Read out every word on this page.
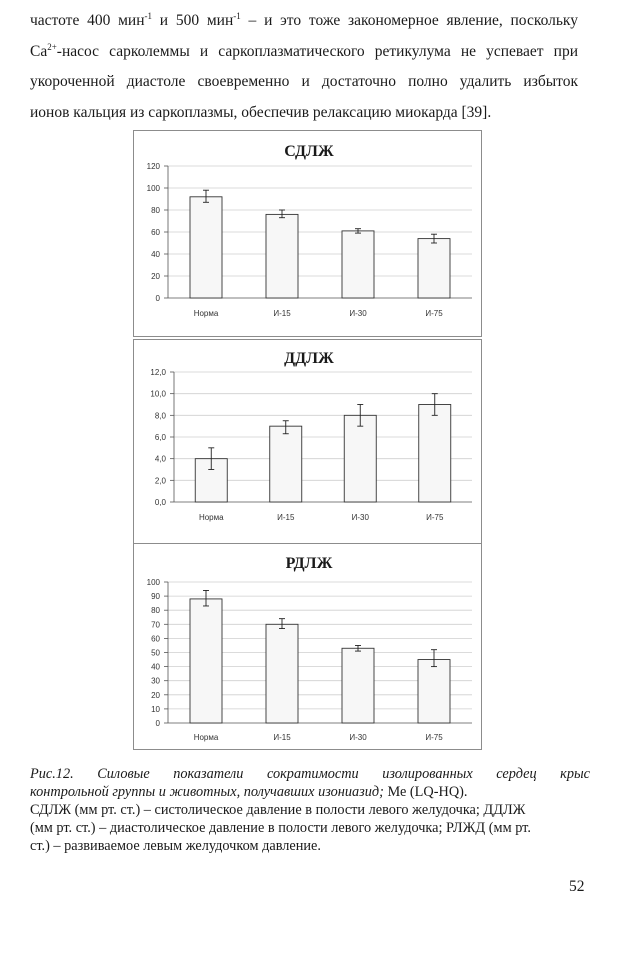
частоте 400 мин$^{-1}$ и 500 мин$^{-1}$ – и это тоже закономерное явление, поскольку
$Ca^{2+}$-насос сарколеммы и саркоплазматического ретикулума не успевает при
укороченной диастоле своевременно и достаточно полно удалить избыток
ионов кальция из саркоплазмы, обеспечив релаксацию миокарда [39].
СДЛЖ
0
20
40
60
80
100
120
Норма	И-15	И-30	И-75
ДДЛЖ
0,0
2,0
4,0
6,0
8,0
10,0
12,0
Норма	И-15	И-30	И-75
РДЛЖ
0
10
20
30
40
50
60
70
80
90
100
Норма	И-15	И-30	И-75
Рис.12. Силовые показатели сократимости изолированных сердец крыс
контрольной группы и животных, получавших изониазид; Ме (LQ-HQ).
СДЛЖ (мм рт. ст.) – систолическое давление в полости левого желудочка; ДДЛЖ
(мм рт. ст.) – диастолическое давление в полости левого желудочка; РЛЖД (мм рт.
ст.) – развиваемое левым желудочком давление.
52
